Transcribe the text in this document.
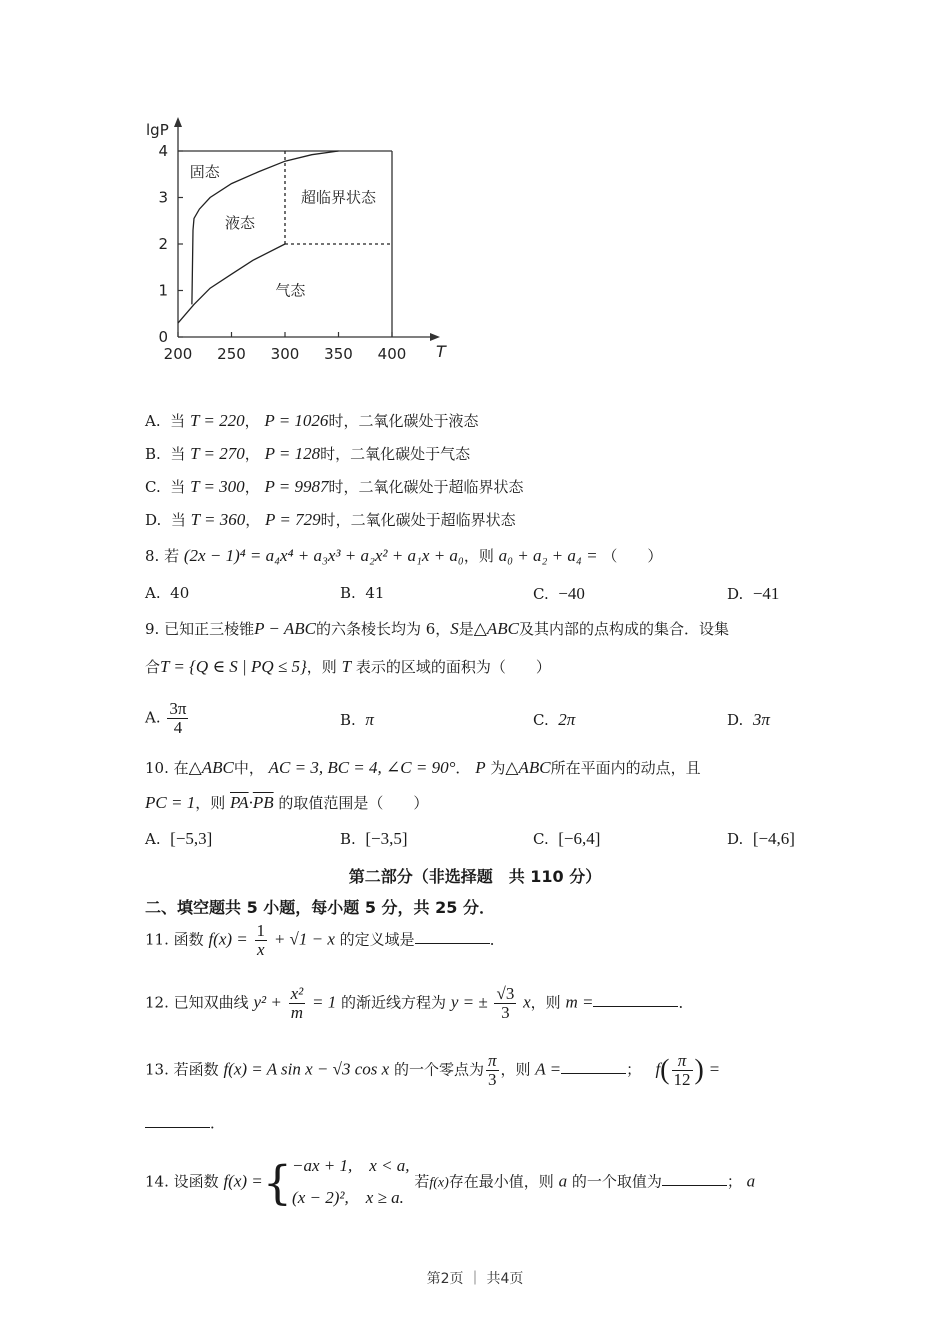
200 250 300 350 400
0
1
2
3
4
T
lgP
固态
液态
超临界状态
气态
A. 当 T = 220， P = 1026时，二氧化碳处于液态
B. 当 T = 270， P = 128时，二氧化碳处于气态
C. 当 T = 300， P = 9987时，二氧化碳处于超临界状态
D. 当 T = 360， P = 729时，二氧化碳处于超临界状态
8. 若 (2x − 1)⁴ = a₄x⁴ + a₃x³ + a₂x² + a₁x + a₀，则 a₀ + a₂ + a₄ = （　　）
A. 40	B. 41	C. −40	D. −41
9. 已知正三棱锥P − ABC的六条棱长均为 6，S是△ABC及其内部的点构成的集合．设集
合T = {Q ∈ S | PQ ≤ 5}，则 T 表示的区域的面积为（　　）
A. $\frac{3\pi}{4}$	B. π	C. 2π	D. 3π
10. 在△ABC中， AC = 3, BC = 4, ∠C = 90°． P 为△ABC所在平面内的动点，且
PC = 1，则 $\overline{PA}\cdot\overline{PB}$ 的取值范围是（　　）
A. [−5,3]	B. [−3,5]	C. [−6,4]	D. [−4,6]
第二部分（非选择题　共 110 分）
二、填空题共 5 小题，每小题 5 分，共 25 分．
11. 函数 $f(x) = \frac{1}{x} + √1 - x$ 的定义域是	．
12. 已知双曲线 $y^2 + \frac{\text{x²}}{m} = 1$ 的渐近线方程为 y = ± $\frac{√3}{3}$ x，则 m =	．
13. 若函数 f(x) = A sin x − √3 cos x 的一个零点为 $\frac{\pi}{3}$ ，则 A =	； $f( \frac{\pi}{12}$ ) =
．
14. 设函数 f(x) ={ −ax + 1,　x < a,
(x − 2)²,　x ≥ a.
若f(x)存在最小值，则 a 的一个取值为	； a
第2页 ｜ 共4页
